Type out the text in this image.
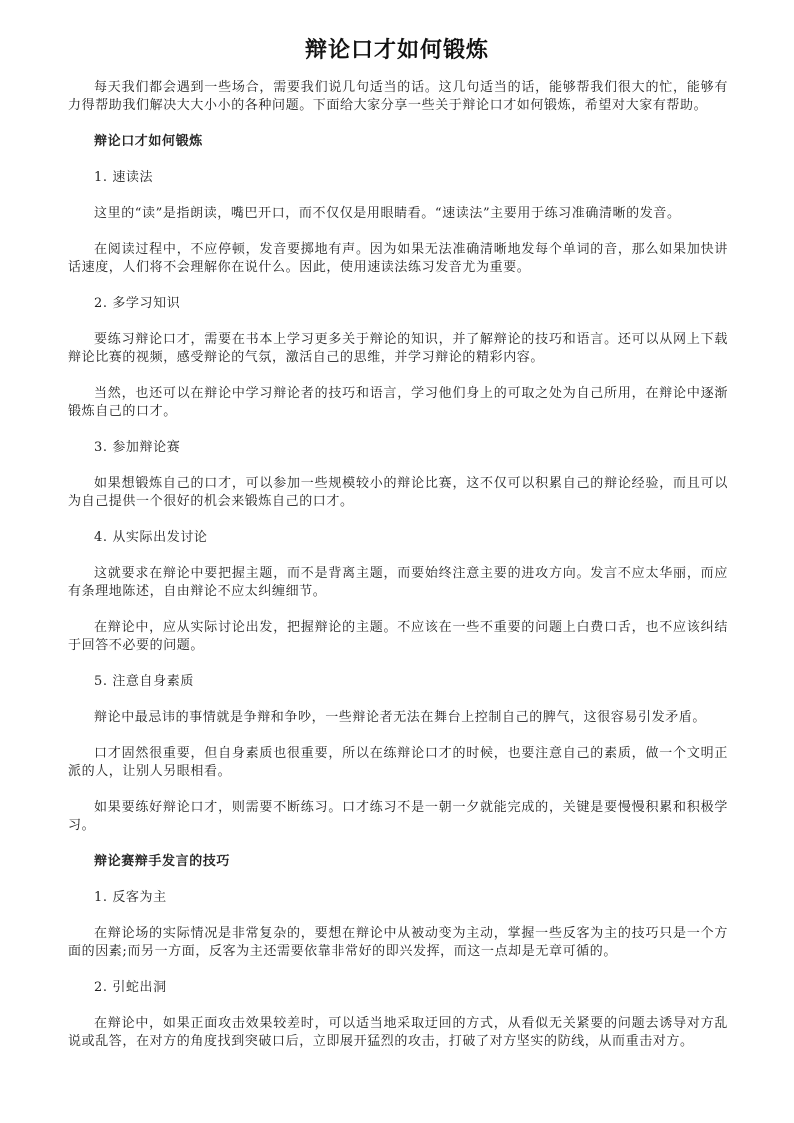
辩论口才如何锻炼

每天我们都会遇到一些场合，需要我们说几句适当的话。这几句适当的话，能够帮我们很大的忙，能够有力得帮助我们解决大大小小的各种问题。下面给大家分享一些关于辩论口才如何锻炼，希望对大家有帮助。

辩论口才如何锻炼

1. 速读法

这里的“读”是指朗读，嘴巴开口，而不仅仅是用眼睛看。“速读法”主要用于练习准确清晰的发音。

在阅读过程中，不应停顿，发音要掷地有声。因为如果无法准确清晰地发每个单词的音，那么如果加快讲话速度，人们将不会理解你在说什么。因此，使用速读法练习发音尤为重要。

2. 多学习知识

要练习辩论口才，需要在书本上学习更多关于辩论的知识，并了解辩论的技巧和语言。还可以从网上下载辩论比赛的视频，感受辩论的气氛，激活自己的思维，并学习辩论的精彩内容。

当然，也还可以在辩论中学习辩论者的技巧和语言，学习他们身上的可取之处为自己所用，在辩论中逐渐锻炼自己的口才。

3. 参加辩论赛

如果想锻炼自己的口才，可以参加一些规模较小的辩论比赛，这不仅可以积累自己的辩论经验，而且可以为自己提供一个很好的机会来锻炼自己的口才。

4. 从实际出发讨论

这就要求在辩论中要把握主题，而不是背离主题，而要始终注意主要的进攻方向。发言不应太华丽，而应有条理地陈述，自由辩论不应太纠缠细节。

在辩论中，应从实际讨论出发，把握辩论的主题。不应该在一些不重要的问题上白费口舌，也不应该纠结于回答不必要的问题。

5. 注意自身素质

辩论中最忌讳的事情就是争辩和争吵，一些辩论者无法在舞台上控制自己的脾气，这很容易引发矛盾。

口才固然很重要，但自身素质也很重要，所以在练辩论口才的时候，也要注意自己的素质，做一个文明正派的人，让别人另眼相看。

如果要练好辩论口才，则需要不断练习。口才练习不是一朝一夕就能完成的，关键是要慢慢积累和积极学习。

辩论赛辩手发言的技巧

1. 反客为主

在辩论场的实际情况是非常复杂的，要想在辩论中从被动变为主动，掌握一些反客为主的技巧只是一个方面的因素;而另一方面，反客为主还需要依靠非常好的即兴发挥，而这一点却是无章可循的。

2. 引蛇出洞

在辩论中，如果正面攻击效果较差时，可以适当地采取迂回的方式，从看似无关紧要的问题去诱导对方乱说或乱答，在对方的角度找到突破口后，立即展开猛烈的攻击，打破了对方坚实的防线，从而重击对方。
